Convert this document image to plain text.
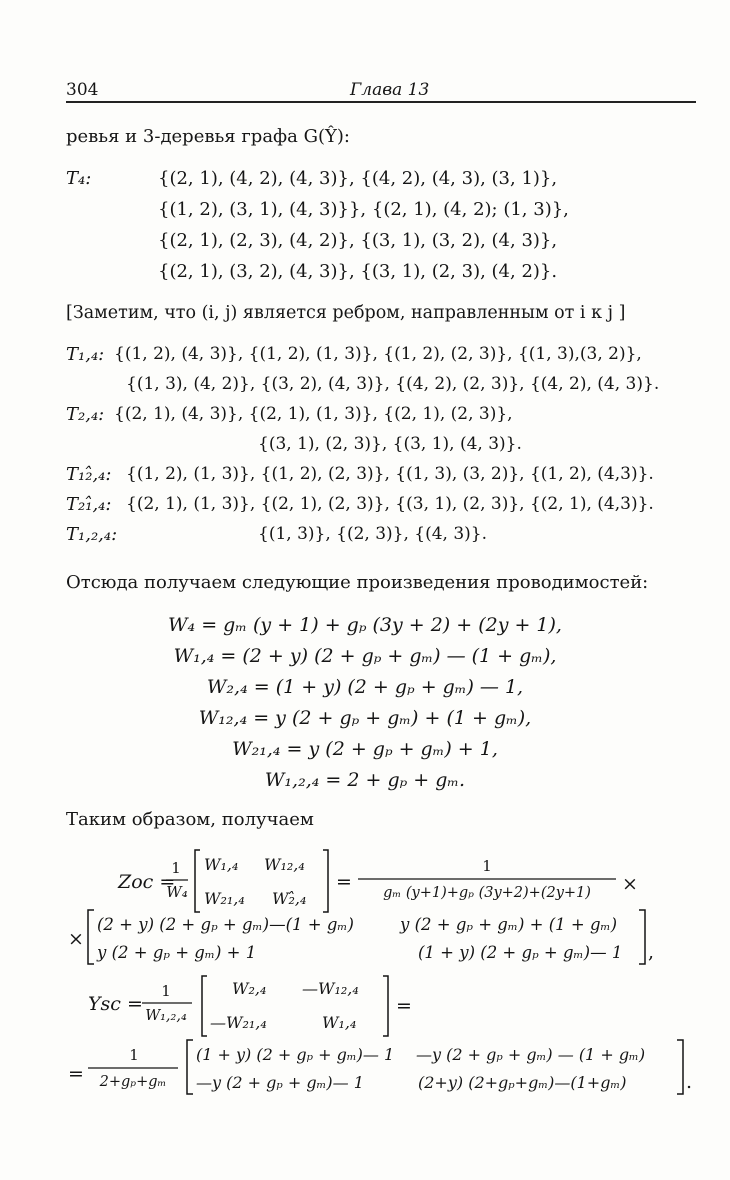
304	Глава 13
ревья и 3-деревья графа G(Ŷ):
T₄:	{(2, 1), (4, 2), (4, 3)}, {(4, 2), (4, 3), (3, 1)},
{(1, 2), (3, 1), (4, 3)}}, {(2, 1), (4, 2); (1, 3)},
{(2, 1), (2, 3), (4, 2)}, {(3, 1), (3, 2), (4, 3)},
{(2, 1), (3, 2), (4, 3)}, {(3, 1), (2, 3), (4, 2)}.
[Заметим, что (i, j) является ребром, направленным от i к j ]
T₁,₄: {(1, 2), (4, 3)}, {(1, 2), (1, 3)}, {(1, 2), (2, 3)}, {(1, 3),(3, 2)},
{(1, 3), (4, 2)}, {(3, 2), (4, 3)}, {(4, 2), (2, 3)}, {(4, 2), (4, 3)}.
T₂,₄: {(2, 1), (4, 3)}, {(2, 1), (1, 3)}, {(2, 1), (2, 3)},
{(3, 1), (2, 3)}, {(3, 1), (4, 3)}.
T₁₂̂,₄: {(1, 2), (1, 3)}, {(1, 2), (2, 3)}, {(1, 3), (3, 2)}, {(1, 2), (4,3)}.
T₂₁̂,₄: {(2, 1), (1, 3)}, {(2, 1), (2, 3)}, {(3, 1), (2, 3)}, {(2, 1), (4,3)}.
T₁,₂,₄:	{(1, 3)}, {(2, 3)}, {(4, 3)}.
Отсюда получаем следующие произведения проводимостей:
W₄ = gₘ (y + 1) + gₚ (3y + 2) + (2y + 1),
W₁,₄ = (2 + y) (2 + gₚ + gₘ) — (1 + gₘ),
W₂,₄ = (1 + y) (2 + gₚ + gₘ) — 1,
W₁₂,₄ = y (2 + gₚ + gₘ) + (1 + gₘ),
W₂₁,₄ = y (2 + gₚ + gₘ) + 1,
W₁,₂,₄ = 2 + gₚ + gₘ.
Таким образом, получаем
Zoc =
1
W₄
W₁,₄ W₁₂,₄
W₂₁,₄ W₂̂,₄
=
1
gₘ (y+1)+gₚ (3y+2)+(2y+1) ×
×
(2 + y) (2 + gₚ + gₘ)—(1 + gₘ)	y (2 + gₚ + gₘ) + (1 + gₘ)
y (2 + gₚ + gₘ) + 1	(1 + y) (2 + gₚ + gₘ)— 1 ,
Ysc =
1
W₁,₂,₄
W₂,₄ —W₁₂,₄
—W₂₁,₄	W₁,₄
=
=
1
2+gₚ+gₘ
(1 + y) (2 + gₚ + gₘ)— 1 —y (2 + gₚ + gₘ) — (1 + gₘ)
—y (2 + gₚ + gₘ)— 1	(2+y) (2+gₚ+gₘ)—(1+gₘ)	.
